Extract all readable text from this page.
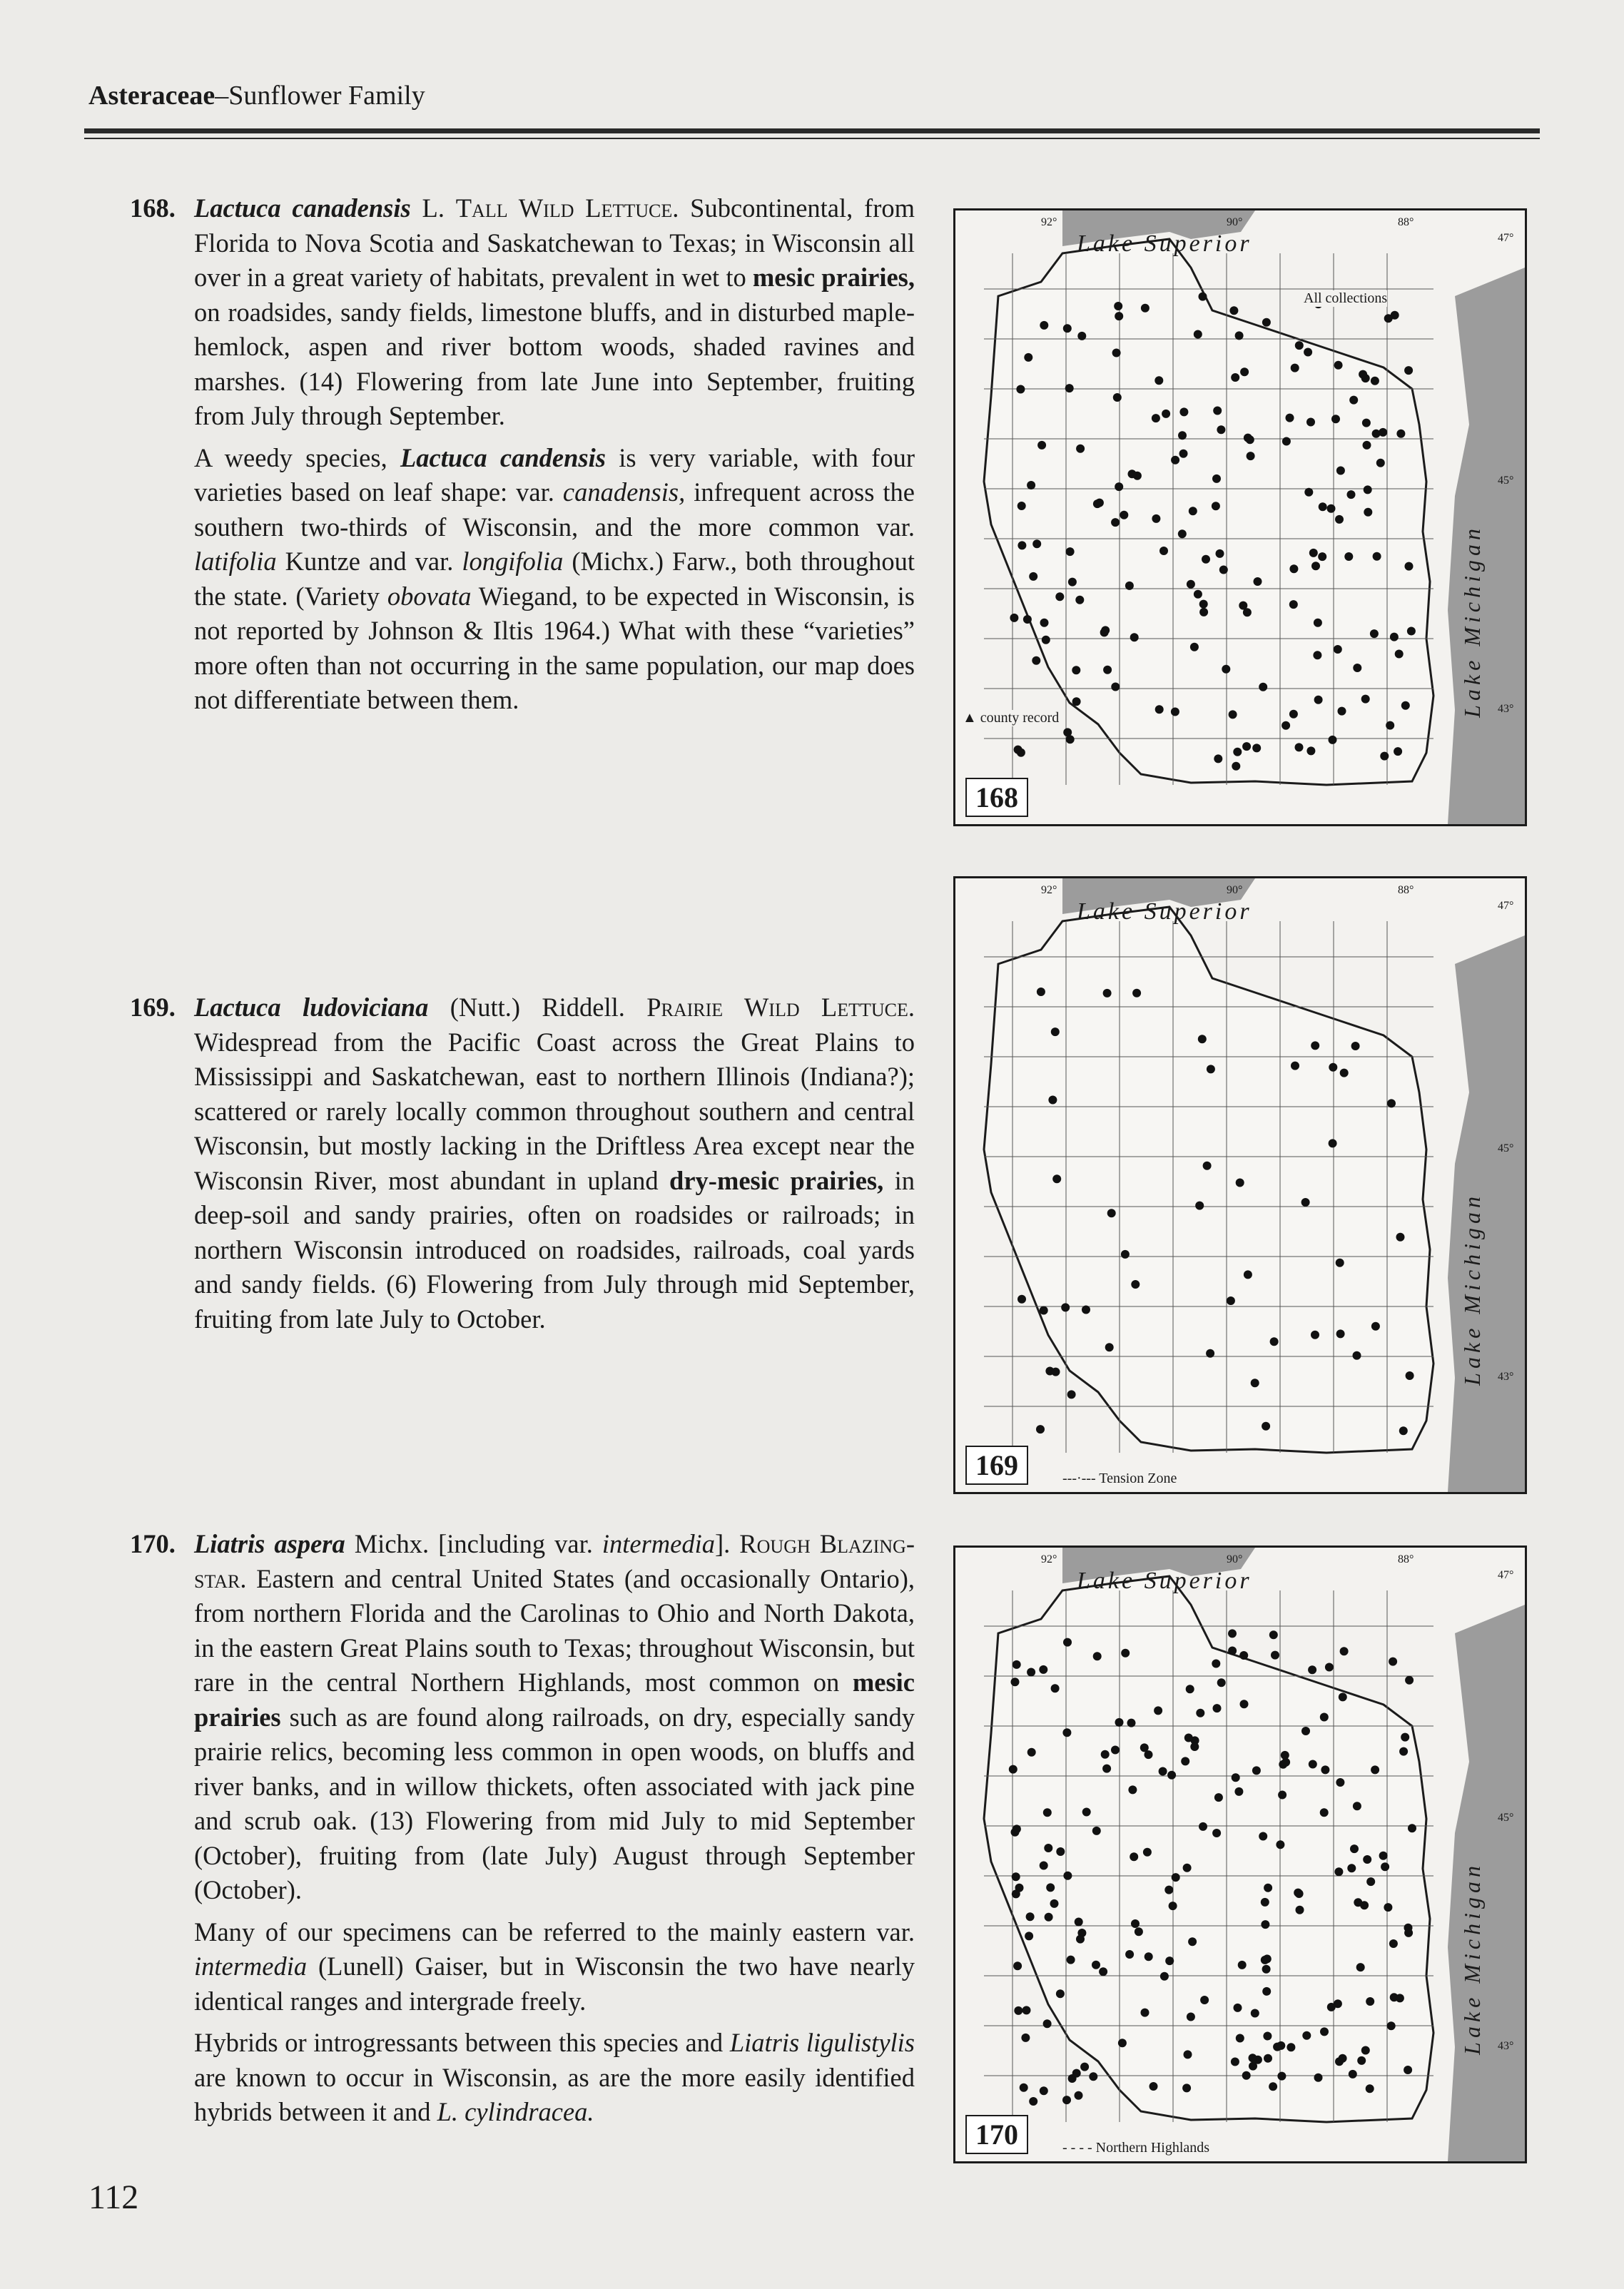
Asteraceae–Sunflower Family

168. Lactuca canadensis L. Tall Wild Lettuce. Subcontinental, from Florida to Nova Scotia and Saskatchewan to Texas; in Wisconsin all over in a great variety of habitats, prevalent in wet to mesic prairies, on roadsides, sandy fields, limestone bluffs, and in disturbed maple-hemlock, aspen and river bottom woods, shaded ravines and marshes. (14) Flowering from late June into September, fruiting from July through September.

A weedy species, Lactuca candensis is very variable, with four varieties based on leaf shape: var. canadensis, infrequent across the southern two-thirds of Wisconsin, and the more common var. latifolia Kuntze and var. longifolia (Michx.) Farw., both throughout the state. (Variety obovata Wiegand, to be expected in Wisconsin, is not reported by Johnson & Iltis 1964.) What with these “varieties” more often than not occurring in the same population, our map does not differentiate between them.

169. Lactuca ludoviciana (Nutt.) Riddell. Prairie Wild Lettuce. Widespread from the Pacific Coast across the Great Plains to Mississippi and Saskatchewan, east to northern Illinois (Indiana?); scattered or rarely locally common throughout southern and central Wisconsin, but mostly lacking in the Driftless Area except near the Wisconsin River, most abundant in upland dry-mesic prairies, in deep-soil and sandy prairies, often on roadsides or railroads; in northern Wisconsin introduced on roadsides, railroads, coal yards and sandy fields. (6) Flowering from July through mid September, fruiting from late July to October.

170. Liatris aspera Michx. [including var. intermedia]. Rough Blazing-star. Eastern and central United States (and occasionally Ontario), from northern Florida and the Carolinas to Ohio and North Dakota, in the eastern Great Plains south to Texas; throughout Wisconsin, but rare in the central Northern Highlands, most common on mesic prairies such as are found along railroads, on dry, especially sandy prairie relics, becoming less common in open woods, on bluffs and river banks, and in willow thickets, often associated with jack pine and scrub oak. (13) Flowering from mid July to mid September (October), fruiting from (late July) August through September (October).

Many of our specimens can be referred to the mainly eastern var. intermedia (Lunell) Gaiser, but in Wisconsin the two have nearly identical ranges and intergrade freely.

Hybrids or introgressants between this species and Liatris ligulistylis are known to occur in Wisconsin, as are the more easily identified hybrids between it and L. cylindracea.

Lake Superior
Lake Michigan
92°	90°	88°
47°
45°
43°
All collections
▲ county record
168
Lake Superior
Lake Michigan
92°	90°	88°
47°
45°
43°
---·--- Tension Zone
169
Lake Superior
Lake Michigan
92°	90°	88°
47°
45°
43°
- - - - Northern Highlands
170
112
